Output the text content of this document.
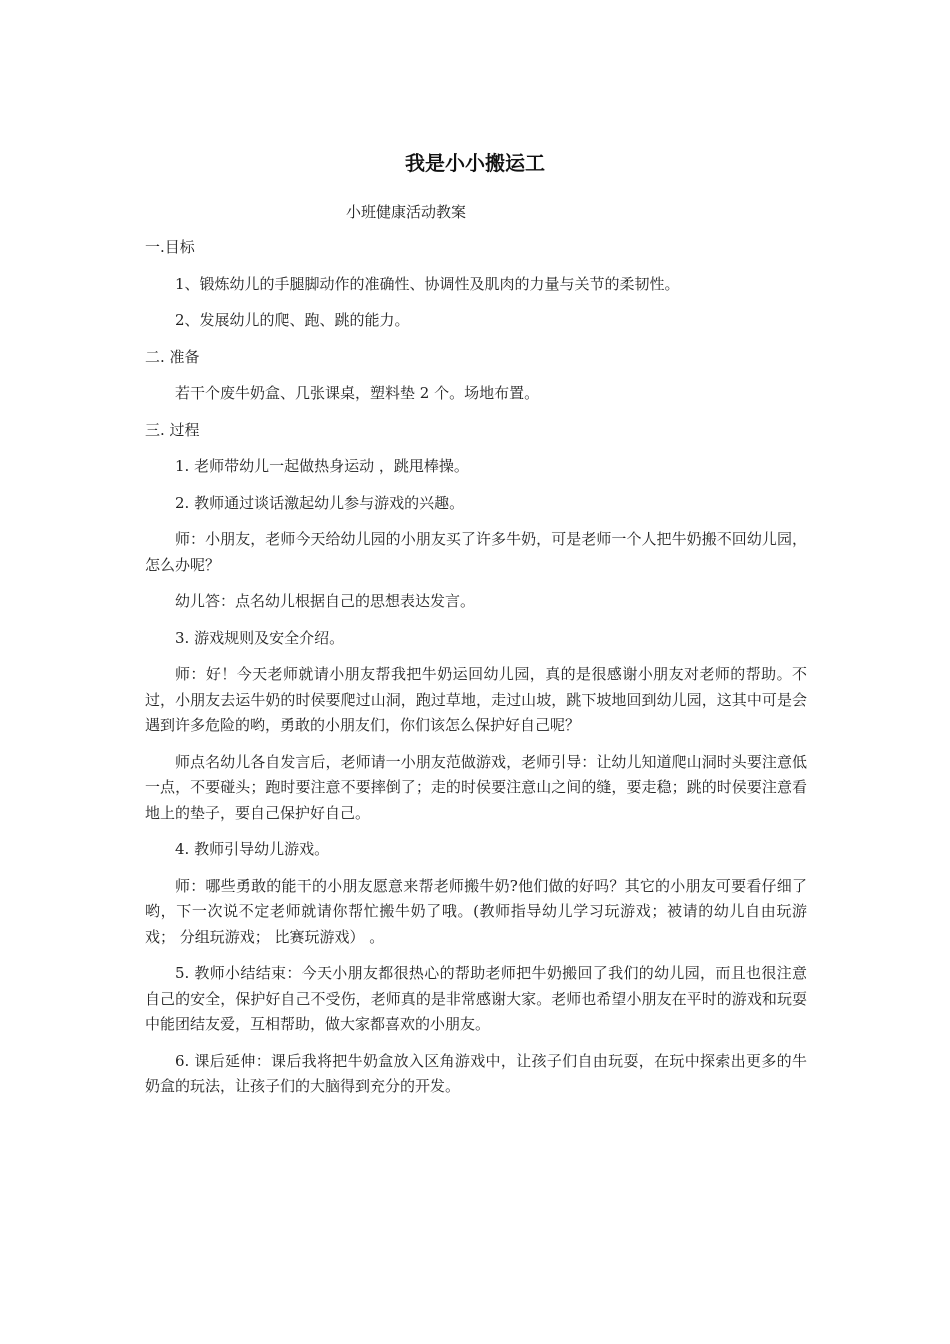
我是小小搬运工
小班健康活动教案

一.目标

1、锻炼幼儿的手腿脚动作的准确性、协调性及肌肉的力量与关节的柔韧性。

2、发展幼儿的爬、跑、跳的能力。

二. 准备

若干个废牛奶盒、几张课桌，塑料垫 2 个。场地布置。

三. 过程

1. 老师带幼儿一起做热身运动 ，跳甩棒操。

2. 教师通过谈话激起幼儿参与游戏的兴趣。

师：小朋友，老师今天给幼儿园的小朋友买了许多牛奶，可是老师一个人把牛奶搬不回幼儿园，怎么办呢？

幼儿答：点名幼儿根据自己的思想表达发言。

3. 游戏规则及安全介绍。

师：好！今天老师就请小朋友帮我把牛奶运回幼儿园，真的是很感谢小朋友对老师的帮助。不过，小朋友去运牛奶的时侯要爬过山洞，跑过草地，走过山坡，跳下坡地回到幼儿园，这其中可是会遇到许多危险的哟，勇敢的小朋友们，你们该怎么保护好自己呢？

师点名幼儿各自发言后，老师请一小朋友范做游戏，老师引导：让幼儿知道爬山洞时头要注意低一点，不要碰头；跑时要注意不要摔倒了；走的时侯要注意山之间的缝，要走稳；跳的时侯要注意看地上的垫子，要自己保护好自己。

4. 教师引导幼儿游戏。

师：哪些勇敢的能干的小朋友愿意来帮老师搬牛奶?他们做的好吗？其它的小朋友可要看仔细了哟，下一次说不定老师就请你帮忙搬牛奶了哦。(教师指导幼儿学习玩游戏；被请的幼儿自由玩游戏； 分组玩游戏； 比赛玩游戏） 。

5. 教师小结结束：今天小朋友都很热心的帮助老师把牛奶搬回了我们的幼儿园，而且也很注意自己的安全，保护好自己不受伤，老师真的是非常感谢大家。老师也希望小朋友在平时的游戏和玩耍中能团结友爱，互相帮助，做大家都喜欢的小朋友。

6. 课后延伸：课后我将把牛奶盒放入区角游戏中，让孩子们自由玩耍，在玩中探索出更多的牛奶盒的玩法，让孩子们的大脑得到充分的开发。
